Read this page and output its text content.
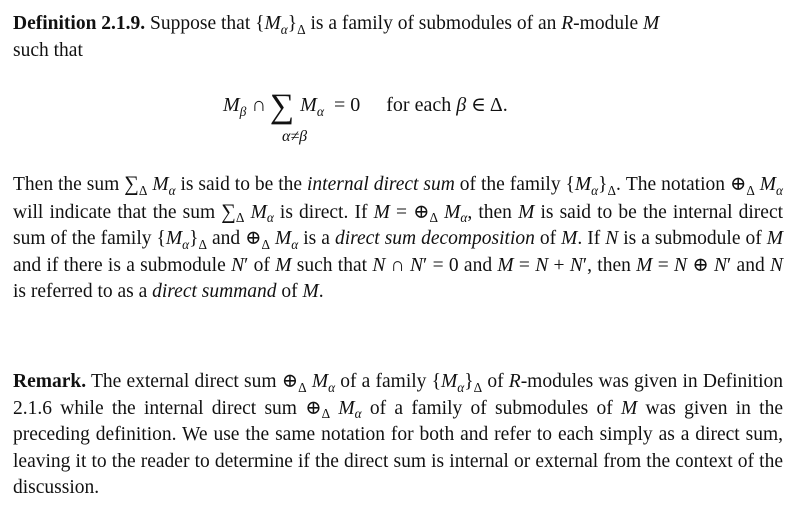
Definition 2.1.9. Suppose that $\{M_\alpha\}_\Delta$ is a family of submodules of an R-module M
such that

$M_\beta$ ∩ ∑ $M_\alpha = 0$ for each β ∈ Δ.
α≠β

Then the sum $\sum_\Delta$ $M_\alpha$ is said to be the internal direct sum of the family $\{M_\alpha\}_\Delta$. The notation $\oplus_\Delta$ $M_\alpha$ will indicate that the sum $\sum_\Delta$ $M_\alpha$ is direct. If $M = \oplus_\Delta$ $M_\alpha$, then M is said to be the internal direct sum of the family $\{M_\alpha\}_\Delta$ and $\oplus_\Delta$ $M_\alpha$ is a direct sum decomposition of M. If N is a submodule of M and if there is a submodule N′ of M such that N ∩ N′ = 0 and M = N + N′, then M = N ⊕ N′ and N is referred to as a direct summand of M.

Remark. The external direct sum $\oplus_\Delta$ $M_\alpha$ of a family $\{M_\alpha\}_\Delta$ of R-modules was given in Definition 2.1.6 while the internal direct sum $\oplus_\Delta$ $M_\alpha$ of a family of submodules of M was given in the preceding definition. We use the same notation for both and refer to each simply as a direct sum, leaving it to the reader to determine if the direct sum is internal or external from the context of the discussion.
